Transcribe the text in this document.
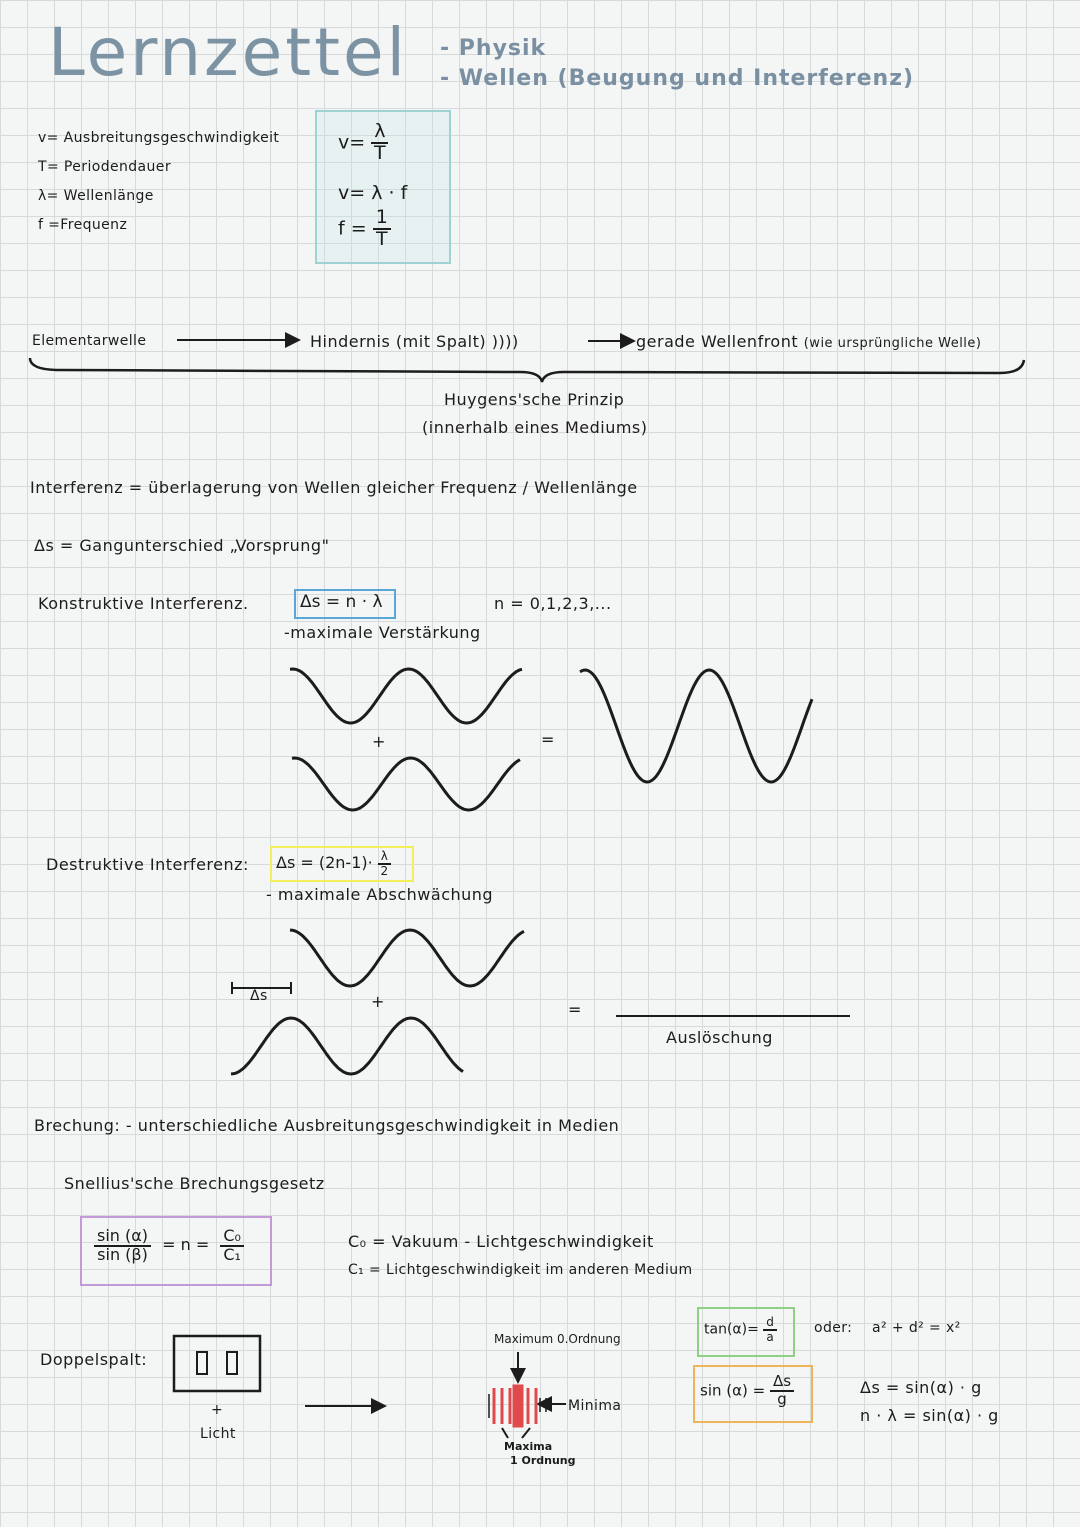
Lernzettel - Physik
- Wellen (Beugung und Interferenz)
v= Ausbreitungsgeschwindigkeit
T= Periodendauer
λ= Wellenlänge
f =Frequenz
$v= \frac{\lambda}{T}$
v= λ · f
$f = \frac{1}{T}$
Elementarwelle	Hindernis (mit Spalt) ))))	gerade Wellenfront (wie ursprüngliche Welle)
Huygens'sche Prinzip
(innerhalb eines Mediums)
Interferenz = überlagerung von Wellen gleicher Frequenz / Wellenlänge
Δs = Gangunterschied „Vorsprung"
Konstruktive Interferenz.	Δs = n · λ	n = 0,1,2,3,...
-maximale Verstärkung
+	=
Destruktive Interferenz: $\Delta s = (2n-1)\cdot \frac{\lambda}{2}$
- maximale Abschwächung
Δs	+	=
Auslöschung
Brechung: - unterschiedliche Ausbreitungsgeschwindigkeit in Medien
Snellius'sche Brechungsgesetz
$\frac{\sin (\alpha)}{\sin (\beta)} = n = \frac{\text{C₀}}{\text{C₁}}$	C₀ = Vakuum - Lichtgeschwindigkeit
C₁ = Lichtgeschwindigkeit im anderen Medium
Doppelspalt:
+
Licht
Maximum 0.Ordnung
Minima
Maxima
1 Ordnung
$\tan(\alpha)= \frac{d}{a}$	oder: a² + d² = x²
$\sin (\alpha) = \frac{\Delta s}{g}$	Δs = sin(α) · g
n · λ = sin(α) · g
